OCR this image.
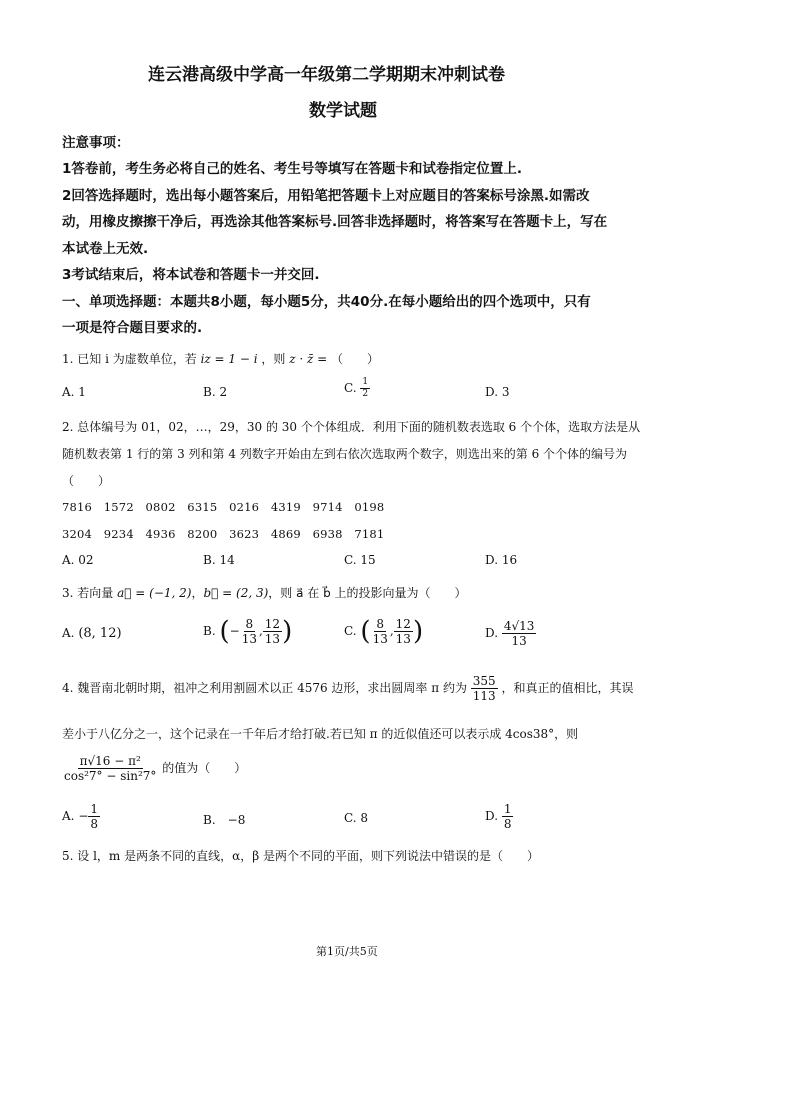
连云港高级中学高一年级第二学期期末冲刺试卷
数学试题
注意事项：
1答卷前，考生务必将自己的姓名、考生号等填写在答题卡和试卷指定位置上.
2回答选择题时，选出每小题答案后，用铅笔把答题卡上对应题目的答案标号涂黑.如需改
动，用橡皮擦擦干净后，再选涂其他答案标号.回答非选择题时，将答案写在答题卡上，写在
本试卷上无效.
3考试结束后，将本试卷和答题卡一并交回.
一、单项选择题：本题共8小题，每小题5分，共40分.在每小题给出的四个选项中，只有
一项是符合题目要求的.
1. 已知 i 为虚数单位，若 iz = 1 − i ，则 z · z̄ = （　　）
A. 1	B. 2	C. $\frac{1}{2}$	D. 3
2. 总体编号为 01，02，…，29，30 的 30 个个体组成．利用下面的随机数表选取 6 个个体，选取方法是从
随机数表第 1 行的第 3 列和第 4 列数字开始由左到右依次选取两个数字，则选出来的第 6 个个体的编号为
（　　）
7816　1572　0802　6315　0216　4319　9714　0198
3204　9234　4936　8200　3623　4869　6938　7181
A. 02	B. 14	C. 15	D. 16
3. 若向量 a⃗ = (−1, 2)，b⃗ = (2, 3)，则 a⃗ 在 b⃗ 上的投影向量为（　　）
A. (8, 12)	B. (− $\frac{8}{13}$ , $\frac{12}{13}$ )	C. ( $\frac{8}{13}$ , $\frac{12}{13}$ )	D. $\frac{4√13}{13}$
4. 魏晋南北朝时期，祖冲之利用割圆术以正 4576 边形，求出圆周率 π 约为 $\frac{355}{113}$ ，和真正的值相比，其误
差小于八亿分之一，这个记录在一千年后才给打破.若已知 π 的近似值还可以表示成 4cos38°，则
$\frac{\text{π√16 − π²}}{\text{cos²7° − sin²7°}}$ 的值为（　　）
A. − $\frac{1}{8}$	B.　−8	C. 8	D. $\frac{1}{8}$
5. 设 l，m 是两条不同的直线，α，β 是两个不同的平面，则下列说法中错误的是（　　）
第1页/共5页
